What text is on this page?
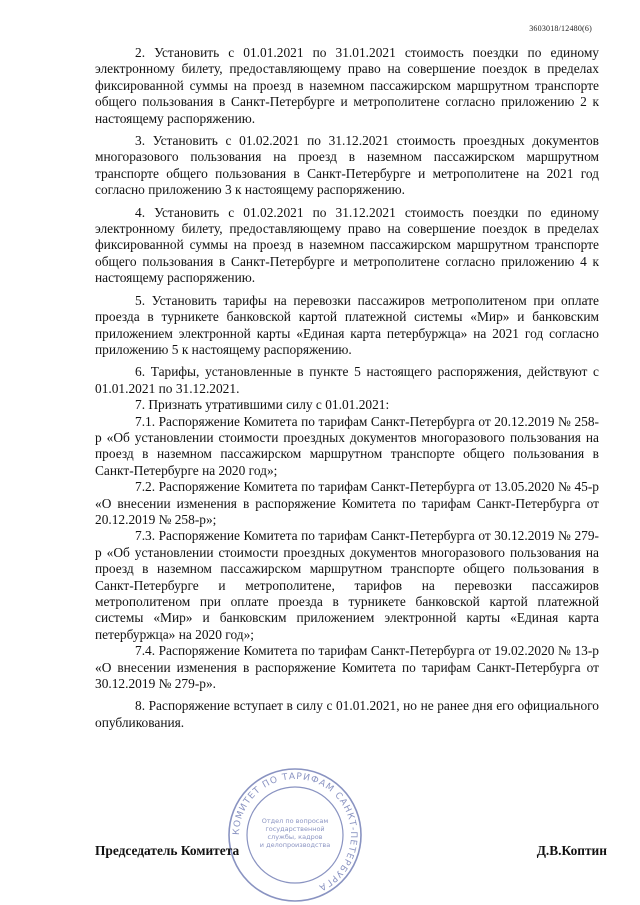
3603018/12480(6)

2. Установить с 01.01.2021 по 31.01.2021 стоимость поездки по единому электронному билету, предоставляющему право на совершение поездок в пределах фиксированной суммы на проезд в наземном пассажирском маршрутном транспорте общего пользования в Санкт-Петербурге и метрополитене согласно приложению 2 к настоящему распоряжению.

3. Установить с 01.02.2021 по 31.12.2021 стоимость проездных документов многоразового пользования на проезд в наземном пассажирском маршрутном транспорте общего пользования в Санкт-Петербурге и метрополитене на 2021 год согласно приложению 3 к настоящему распоряжению.

4. Установить с 01.02.2021 по 31.12.2021 стоимость поездки по единому электронному билету, предоставляющему право на совершение поездок в пределах фиксированной суммы на проезд в наземном пассажирском маршрутном транспорте общего пользования в Санкт-Петербурге и метрополитене согласно приложению 4 к настоящему распоряжению.

5. Установить тарифы на перевозки пассажиров метрополитеном при оплате проезда в турникете банковской картой платежной системы «Мир» и банковским приложением электронной карты «Единая карта петербуржца» на 2021 год согласно приложению 5 к настоящему распоряжению.

6. Тарифы, установленные в пункте 5 настоящего распоряжения, действуют с 01.01.2021 по 31.12.2021.

7. Признать утратившими силу с 01.01.2021:

7.1. Распоряжение Комитета по тарифам Санкт-Петербурга от 20.12.2019 № 258-р «Об установлении стоимости проездных документов многоразового пользования на проезд в наземном пассажирском маршрутном транспорте общего пользования в Санкт-Петербурге на 2020 год»;

7.2. Распоряжение Комитета по тарифам Санкт-Петербурга от 13.05.2020 № 45-р «О внесении изменения в распоряжение Комитета по тарифам Санкт-Петербурга от 20.12.2019 № 258-р»;

7.3. Распоряжение Комитета по тарифам Санкт-Петербурга от 30.12.2019 № 279-р «Об установлении стоимости проездных документов многоразового пользования на проезд в наземном пассажирском маршрутном транспорте общего пользования в Санкт-Петербурге и метрополитене, тарифов на перевозки пассажиров метрополитеном при оплате проезда в турникете банковской картой платежной системы «Мир» и банковским приложением электронной карты «Единая карта петербуржца» на 2020 год»;

7.4. Распоряжение Комитета по тарифам Санкт-Петербурга от 19.02.2020 № 13-р «О внесении изменения в распоряжение Комитета по тарифам Санкт-Петербурга от 30.12.2019 № 279-р».

8. Распоряжение вступает в силу с 01.01.2021, но не ранее дня его официального опубликования.

КОМИТЕТ ПО ТАРИФАМ САНКТ-ПЕТЕРБУРГА
Отдел по вопросам государственной службы, кадров и делопроизводства
Председатель Комитета	Д.В.Коптин
